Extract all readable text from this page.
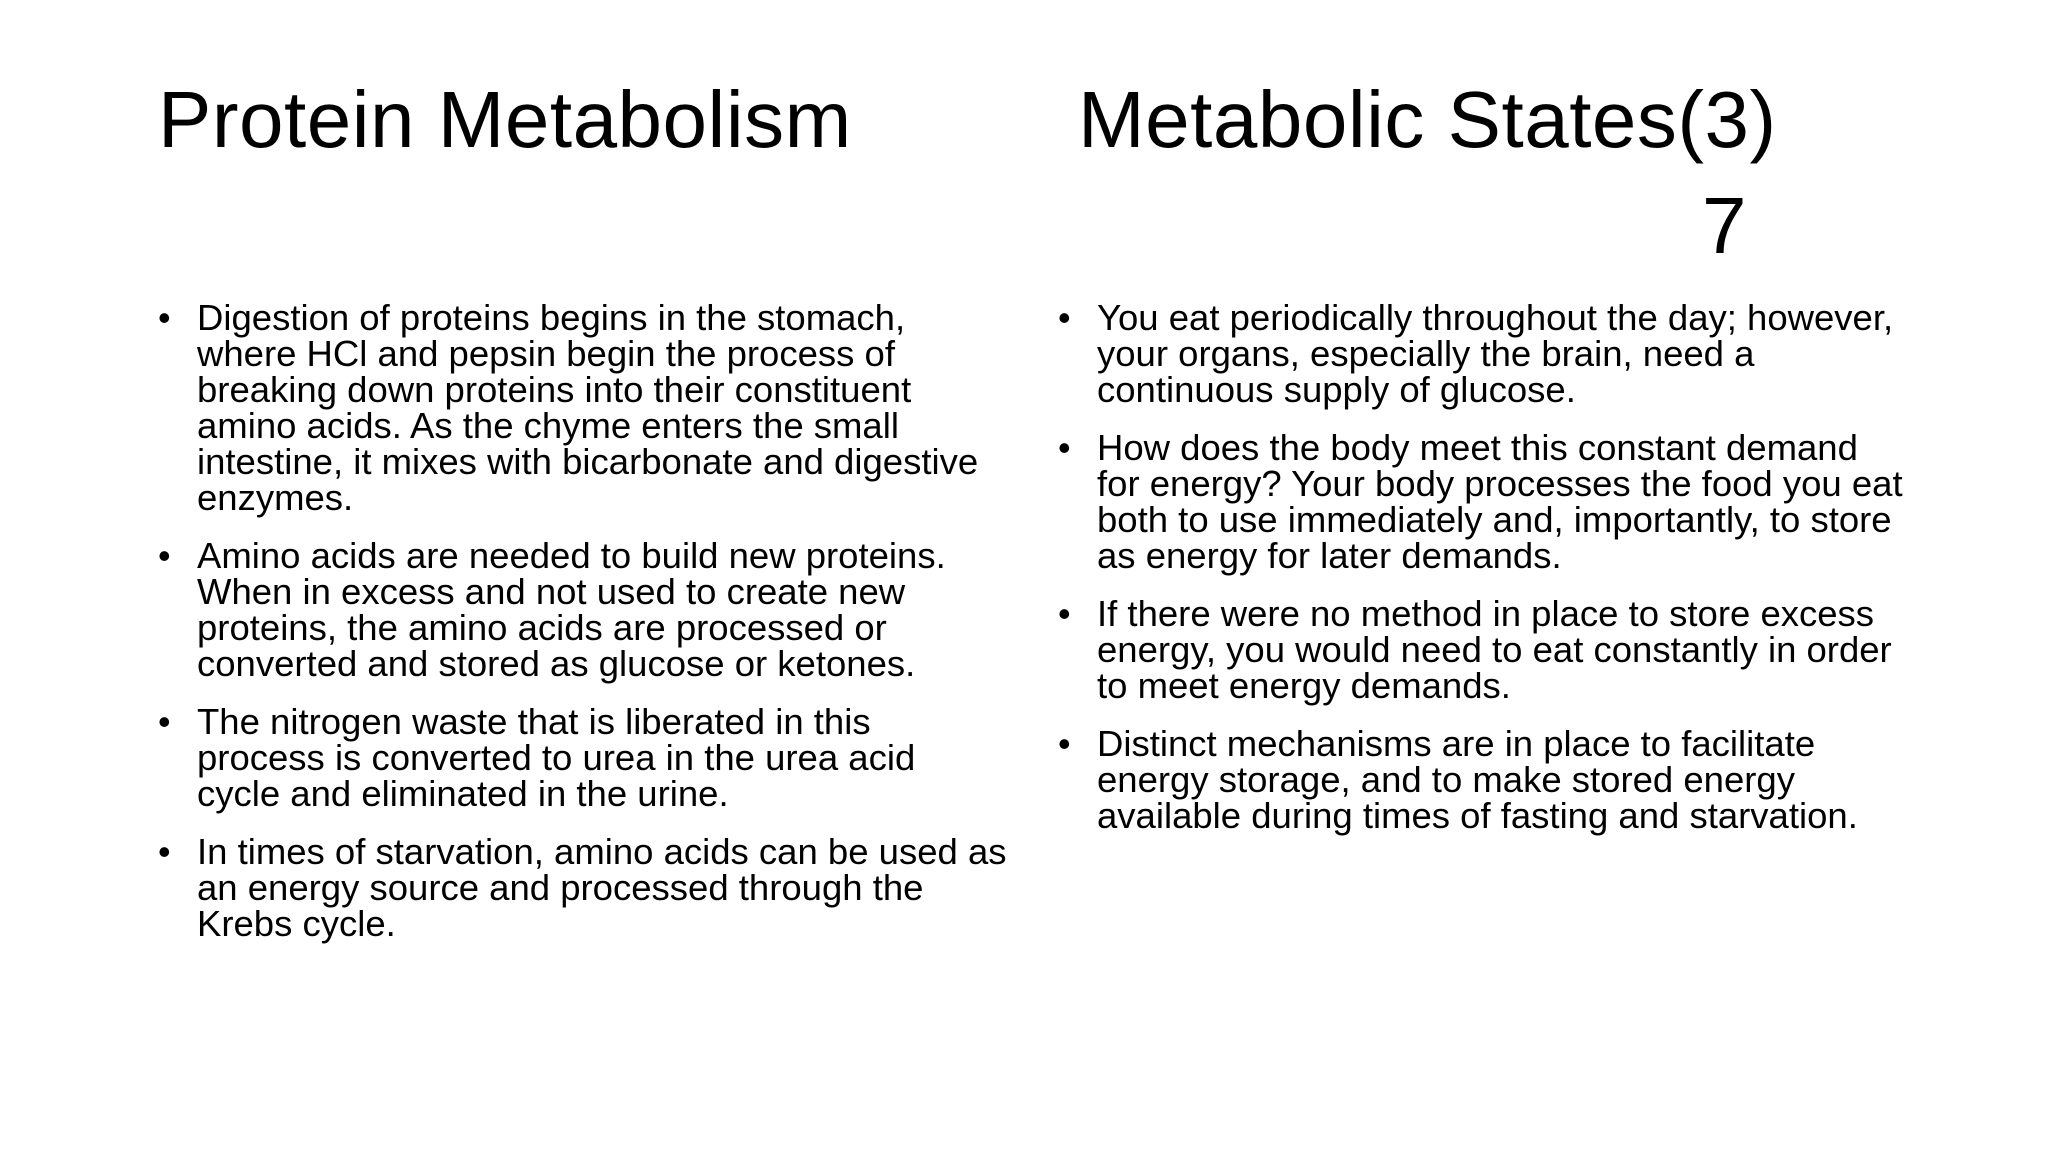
Protein Metabolism	Metabolic States(3)
7
• Digestion of proteins begins in the stomach, where HCl and pepsin begin the process of breaking down proteins into their constituent amino acids. As the chyme enters the small intestine, it mixes with bicarbonate and digestive enzymes.
• Amino acids are needed to build new proteins. When in excess and not used to create new proteins, the amino acids are processed or converted and stored as glucose or ketones.
• The nitrogen waste that is liberated in this process is converted to urea in the urea acid cycle and eliminated in the urine.
• In times of starvation, amino acids can be used as an energy source and processed through the Krebs cycle.
• You eat periodically throughout the day; however, your organs, especially the brain, need a continuous supply of glucose.
• How does the body meet this constant demand for energy? Your body processes the food you eat both to use immediately and, importantly, to store as energy for later demands.
• If there were no method in place to store excess energy, you would need to eat constantly in order to meet energy demands.
• Distinct mechanisms are in place to facilitate energy storage, and to make stored energy available during times of fasting and starvation.
